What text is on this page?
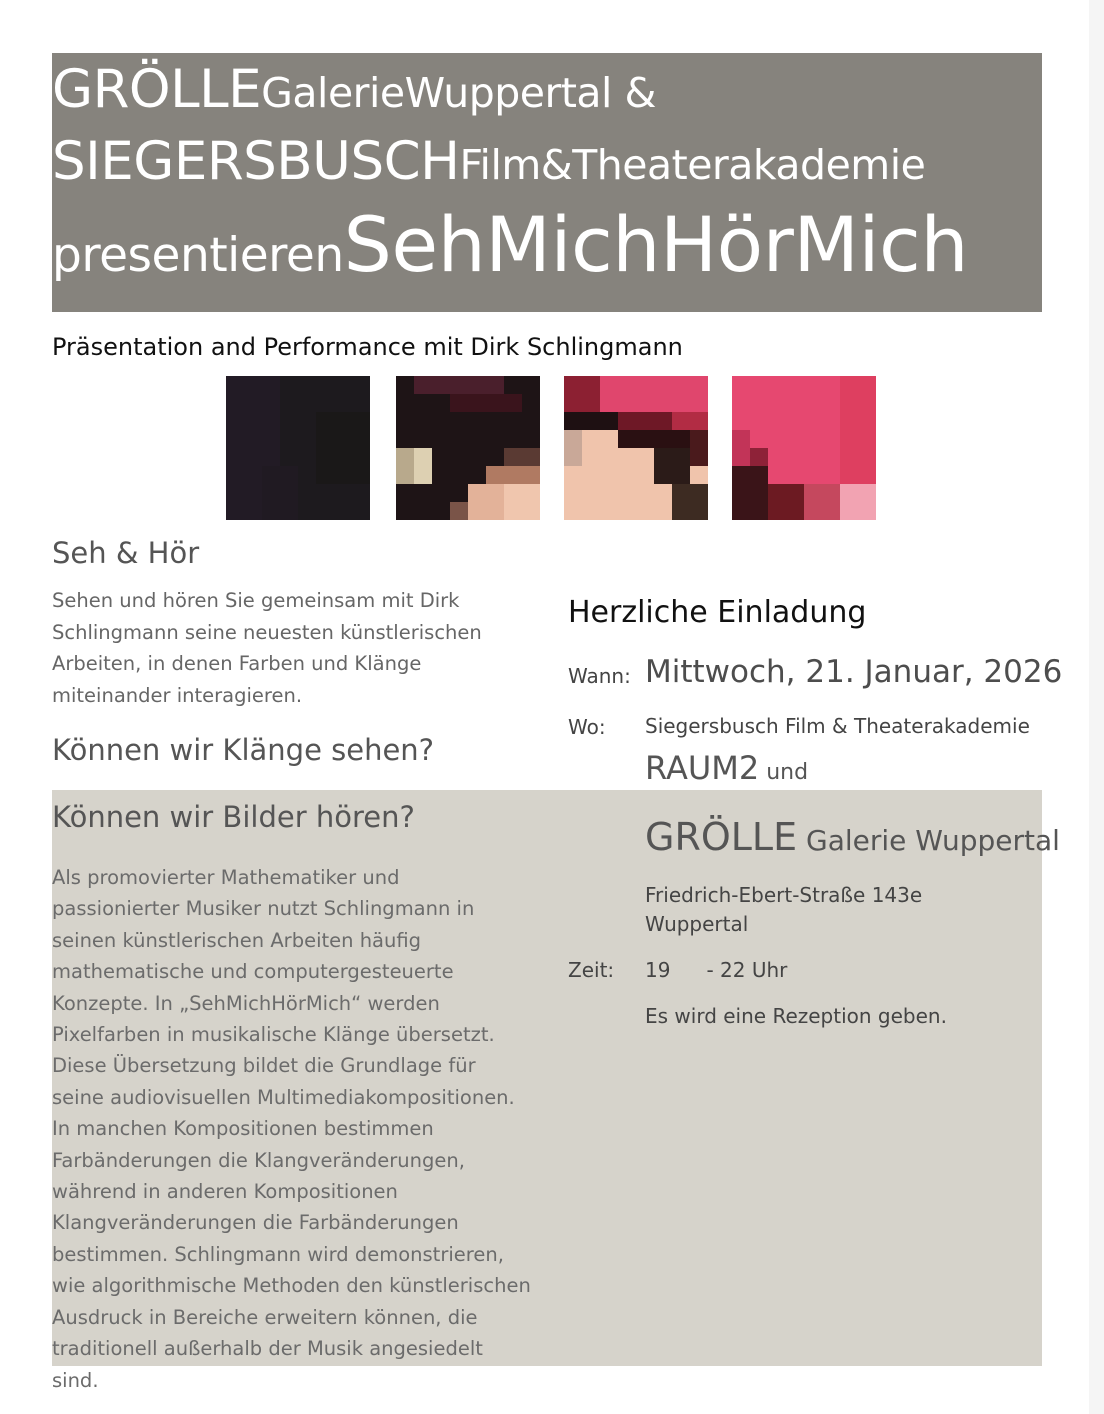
GRÖLLEGalerieWuppertal &
SIEGERSBUSCHFilm&Theaterakademie
presentierenSehMichHörMich
Präsentation and Performance mit Dirk Schlingmann
Seh & Hör
Sehen und hören Sie gemeinsam mit Dirk Schlingmann seine neuesten künstlerischen Arbeiten, in denen Farben und Klänge miteinander interagieren.
Können wir Klänge sehen?
Können wir Bilder hören?
Als promovierter Mathematiker und passionierter Musiker nutzt Schlingmann in seinen künstlerischen Arbeiten häufig mathematische und computergesteuerte Konzepte. In „SehMichHörMich“ werden Pixelfarben in musikalische Klänge übersetzt. Diese Übersetzung bildet die Grundlage für seine audiovisuellen Multimediakompositionen. In manchen Kompositionen bestimmen Farbänderungen die Klangveränderungen, während in anderen Kompositionen Klangveränderungen die Farbänderungen bestimmen. Schlingmann wird demonstrieren, wie algorithmische Methoden den künstlerischen Ausdruck in Bereiche erweitern können, die traditionell außerhalb der Musik angesiedelt sind.
Herzliche Einladung
Wann: Mittwoch, 21. Januar, 2026
Wo: Siegersbusch Film & Theaterakademie
RAUM2 und
GRÖLLE Galerie Wuppertal
Friedrich-Ebert-Straße 143e
Wuppertal
Zeit: 19 - 22 Uhr
Es wird eine Rezeption geben.
